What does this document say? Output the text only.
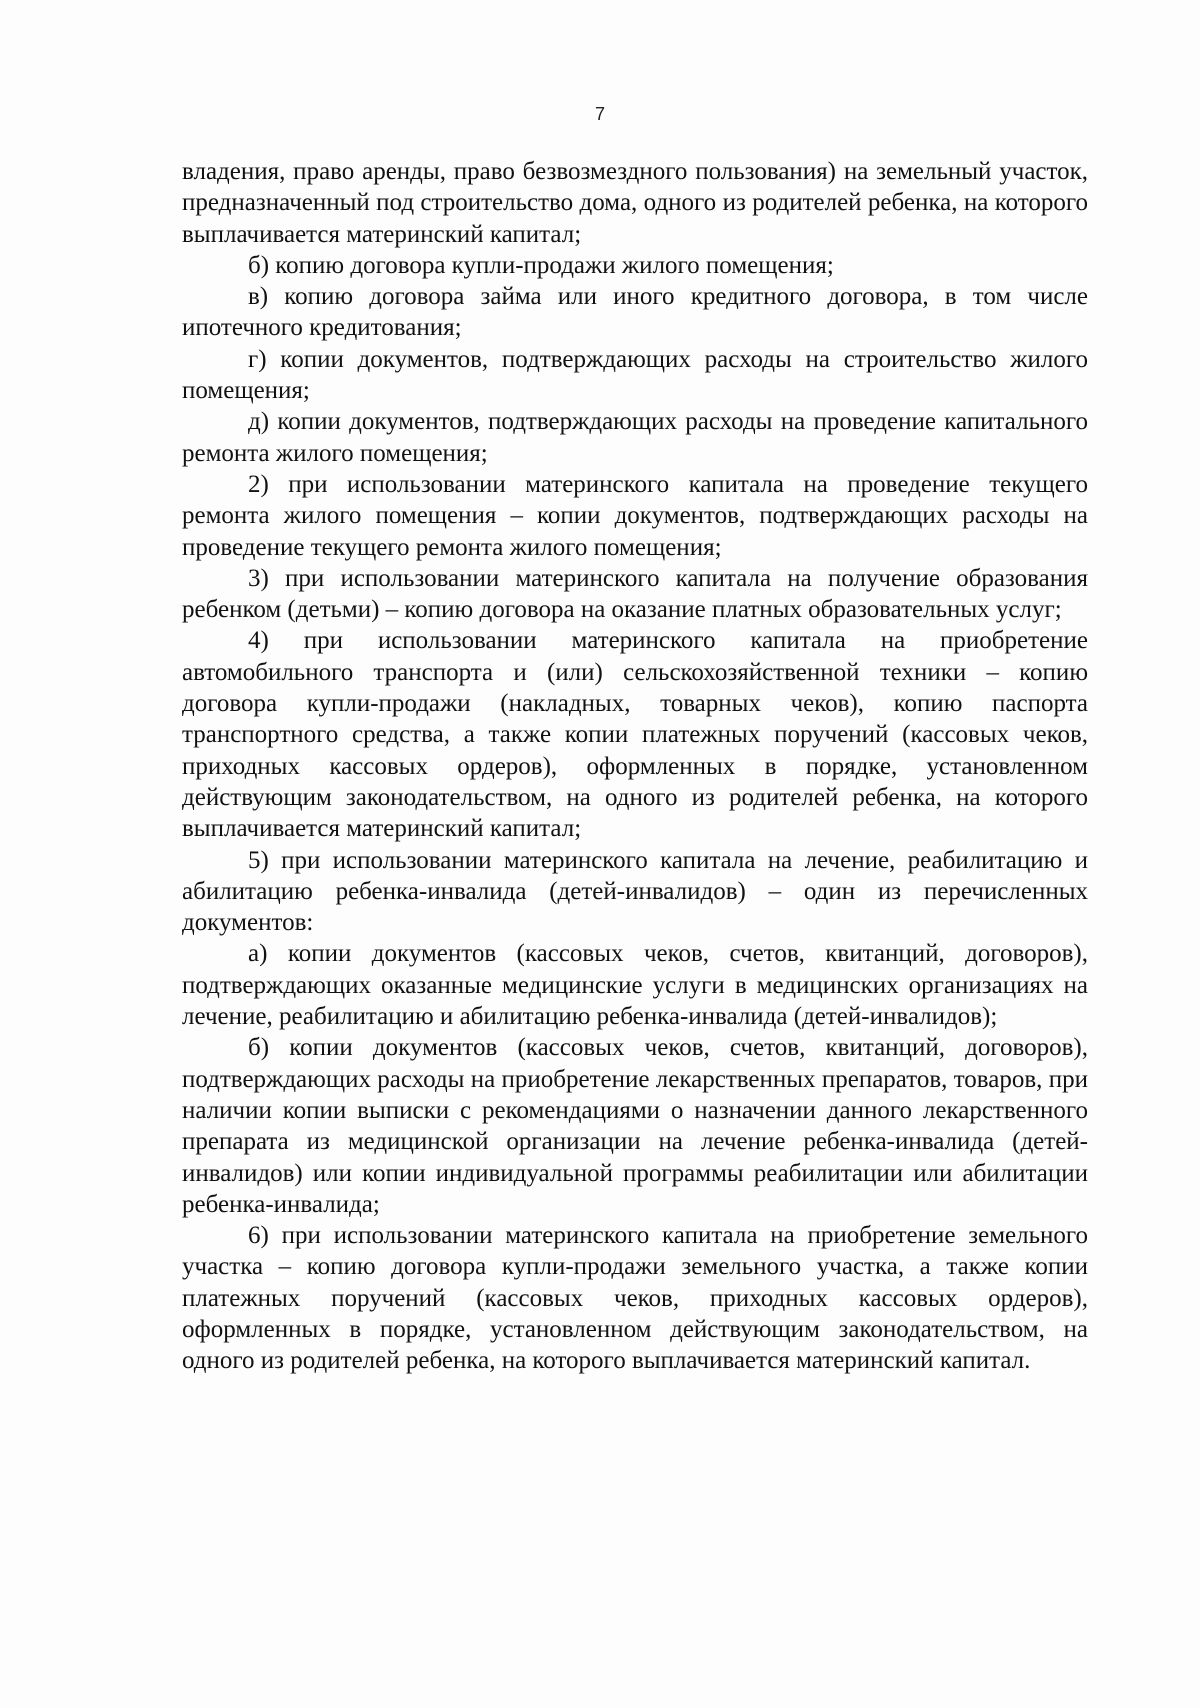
7

владения, право аренды, право безвозмездного пользования) на земельный участок, предназначенный под строительство дома, одного из родителей ребенка, на которого выплачивается материнский капитал;

б) копию договора купли-продажи жилого помещения;

в) копию договора займа или иного кредитного договора, в том числе ипотечного кредитования;

г) копии документов, подтверждающих расходы на строительство жилого помещения;

д) копии документов, подтверждающих расходы на проведение капитального ремонта жилого помещения;

2) при использовании материнского капитала на проведение текущего ремонта жилого помещения – копии документов, подтверждающих расходы на проведение текущего ремонта жилого помещения;

3) при использовании материнского капитала на получение образования ребенком (детьми) – копию договора на оказание платных образовательных услуг;

4) при использовании материнского капитала на приобретение автомобильного транспорта и (или) сельскохозяйственной техники – копию договора купли-продажи (накладных, товарных чеков), копию паспорта транспортного средства, а также копии платежных поручений (кассовых чеков, приходных кассовых ордеров), оформленных в порядке, установленном действующим законодательством, на одного из родителей ребенка, на которого выплачивается материнский капитал;

5) при использовании материнского капитала на лечение, реабилитацию и абилитацию ребенка-инвалида (детей-инвалидов) – один из перечисленных документов:

а) копии документов (кассовых чеков, счетов, квитанций, договоров), подтверждающих оказанные медицинские услуги в медицинских организациях на лечение, реабилитацию и абилитацию ребенка-инвалида (детей-инвалидов);

б) копии документов (кассовых чеков, счетов, квитанций, договоров), подтверждающих расходы на приобретение лекарственных препаратов, товаров, при наличии копии выписки с рекомендациями о назначении данного лекарственного препарата из медицинской организации на лечение ребенка-инвалида (детей-инвалидов) или копии индивидуальной программы реабилитации или абилитации ребенка-инвалида;

6) при использовании материнского капитала на приобретение земельного участка – копию договора купли-продажи земельного участка, а также копии платежных поручений (кассовых чеков, приходных кассовых ордеров), оформленных в порядке, установленном действующим законодательством, на одного из родителей ребенка, на которого выплачивается материнский капитал.
